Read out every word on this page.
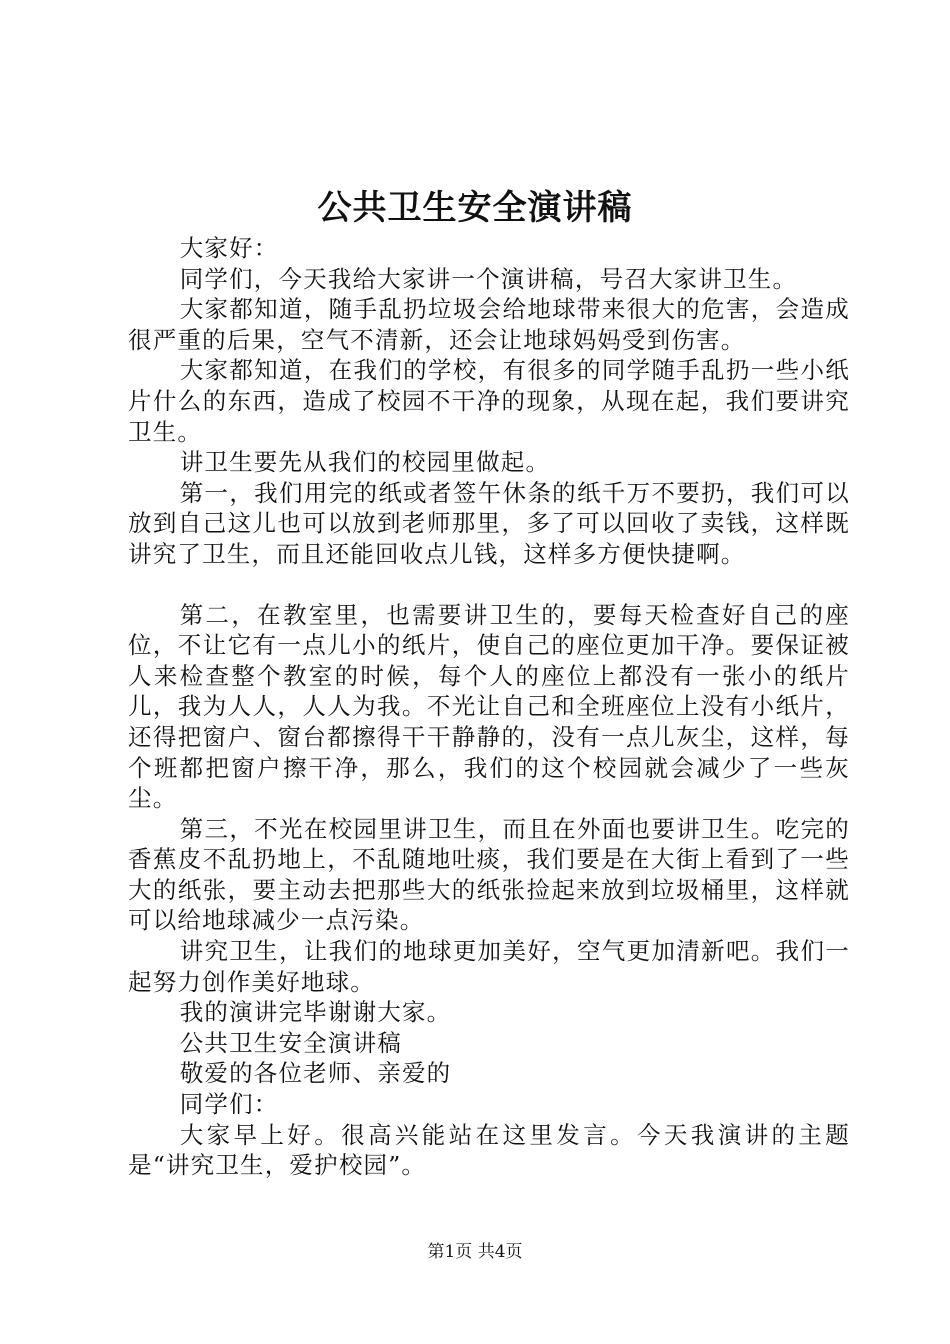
公共卫生安全演讲稿

大家好：

同学们，今天我给大家讲一个演讲稿，号召大家讲卫生。

大家都知道，随手乱扔垃圾会给地球带来很大的危害，会造成很严重的后果，空气不清新，还会让地球妈妈受到伤害。

大家都知道，在我们的学校，有很多的同学随手乱扔一些小纸片什么的东西，造成了校园不干净的现象，从现在起，我们要讲究卫生。

讲卫生要先从我们的校园里做起。

第一，我们用完的纸或者签午休条的纸千万不要扔，我们可以放到自己这儿也可以放到老师那里，多了可以回收了卖钱，这样既讲究了卫生，而且还能回收点儿钱，这样多方便快捷啊。

第二，在教室里，也需要讲卫生的，要每天检查好自己的座位，不让它有一点儿小的纸片，使自己的座位更加干净。要保证被人来检查整个教室的时候，每个人的座位上都没有一张小的纸片儿，我为人人，人人为我。不光让自己和全班座位上没有小纸片，还得把窗户、窗台都擦得干干静静的，没有一点儿灰尘，这样，每个班都把窗户擦干净，那么，我们的这个校园就会减少了一些灰尘。

第三，不光在校园里讲卫生，而且在外面也要讲卫生。吃完的香蕉皮不乱扔地上，不乱随地吐痰，我们要是在大街上看到了一些大的纸张，要主动去把那些大的纸张捡起来放到垃圾桶里，这样就可以给地球减少一点污染。

讲究卫生，让我们的地球更加美好，空气更加清新吧。我们一起努力创作美好地球。

我的演讲完毕谢谢大家。

公共卫生安全演讲稿

敬爱的各位老师、亲爱的

同学们：

大家早上好。很高兴能站在这里发言。今天我演讲的主题是“讲究卫生，爱护校园”。

第1页 共4页
